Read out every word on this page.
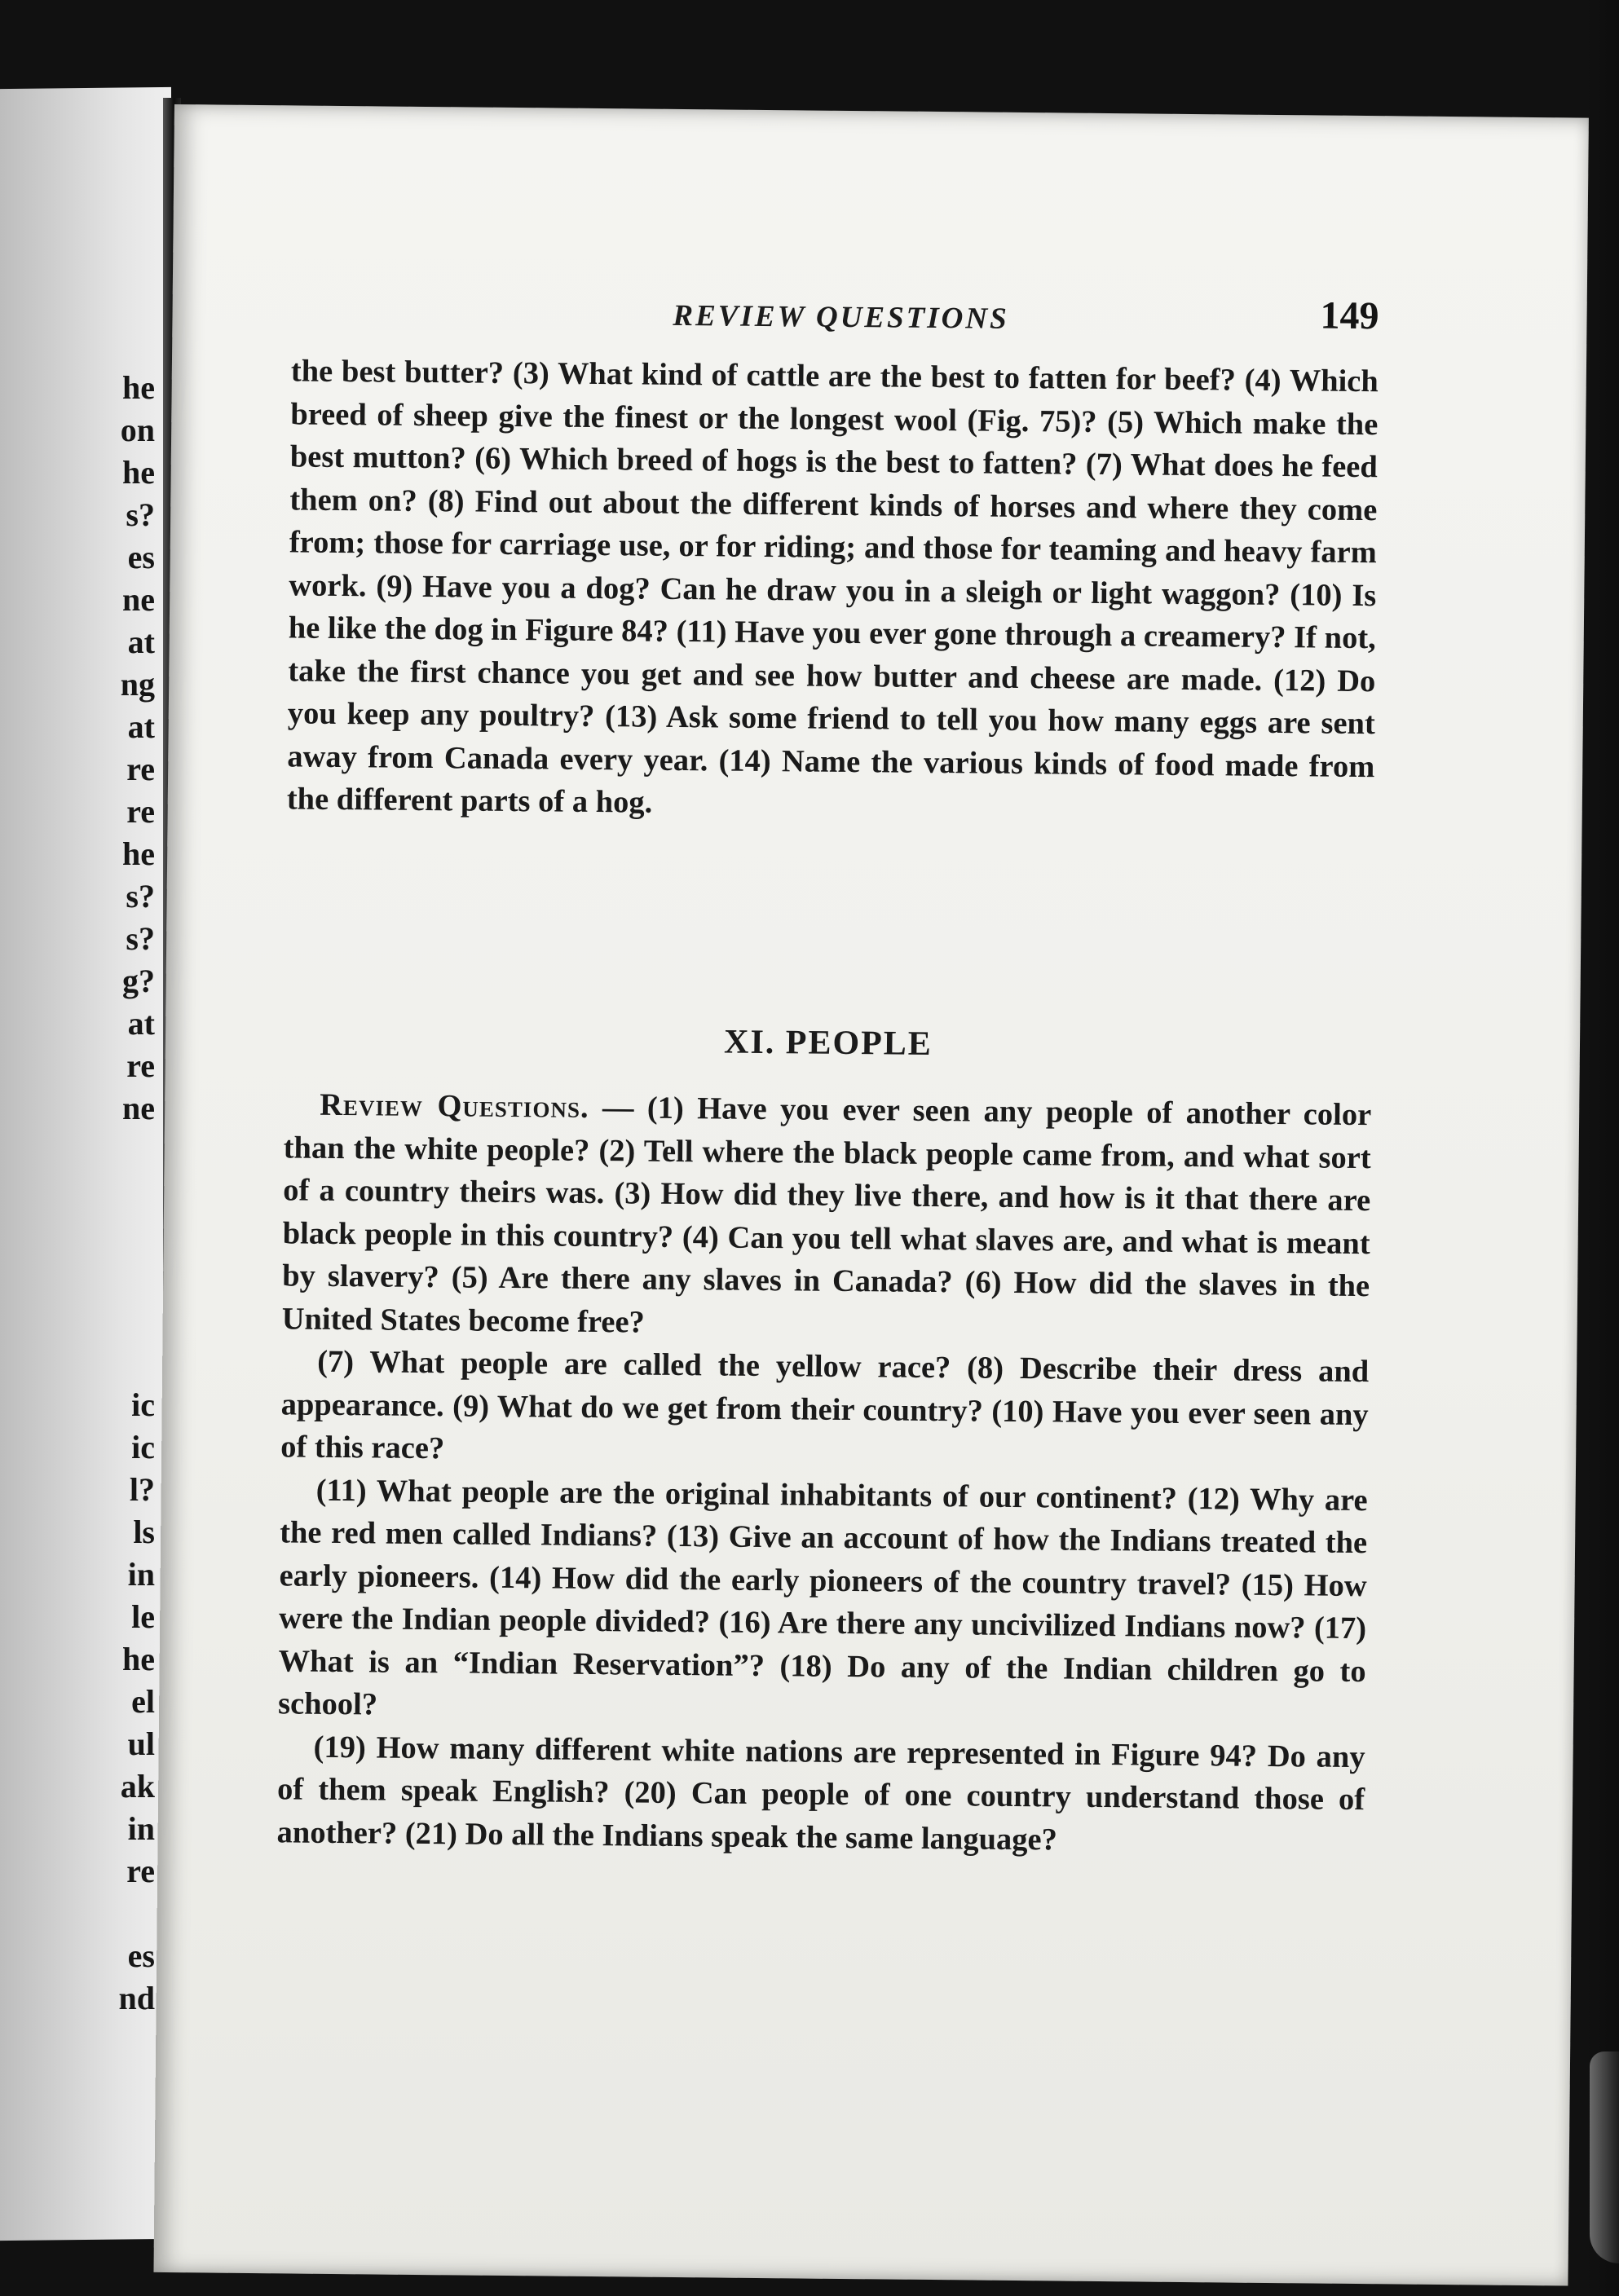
he
on
he
s?
es
ne
at
ng
at
re
re
he
s?
s?
g?
at
re
ne
ic
ic
l?
ls
in
le
he
el
ul
ak
in
re
es
nd
REVIEW QUESTIONS	149

the best butter? (3) What kind of cattle are the best to fatten for beef? (4) Which breed of sheep give the finest or the longest wool (Fig. 75)? (5) Which make the best mutton? (6) Which breed of hogs is the best to fatten? (7) What does he feed them on? (8) Find out about the different kinds of horses and where they come from; those for carriage use, or for riding; and those for teaming and heavy farm work. (9) Have you a dog? Can he draw you in a sleigh or light waggon? (10) Is he like the dog in Figure 84? (11) Have you ever gone through a creamery? If not, take the first chance you get and see how butter and cheese are made. (12) Do you keep any poultry? (13) Ask some friend to tell you how many eggs are sent away from Canada every year. (14) Name the various kinds of food made from the different parts of a hog.

XI. PEOPLE

Review Questions. — (1) Have you ever seen any people of another color than the white people? (2) Tell where the black people came from, and what sort of a country theirs was. (3) How did they live there, and how is it that there are black people in this country? (4) Can you tell what slaves are, and what is meant by slavery? (5) Are there any slaves in Canada? (6) How did the slaves in the United States become free?

(7) What people are called the yellow race? (8) Describe their dress and appearance. (9) What do we get from their country? (10) Have you ever seen any of this race?

(11) What people are the original inhabitants of our continent? (12) Why are the red men called Indians? (13) Give an account of how the Indians treated the early pioneers. (14) How did the early pioneers of the country travel? (15) How were the Indian people divided? (16) Are there any uncivilized Indians now? (17) What is an “Indian Reservation”? (18) Do any of the Indian children go to school?

(19) How many different white nations are represented in Figure 94? Do any of them speak English? (20) Can people of one country understand those of another? (21) Do all the Indians speak the same language?
